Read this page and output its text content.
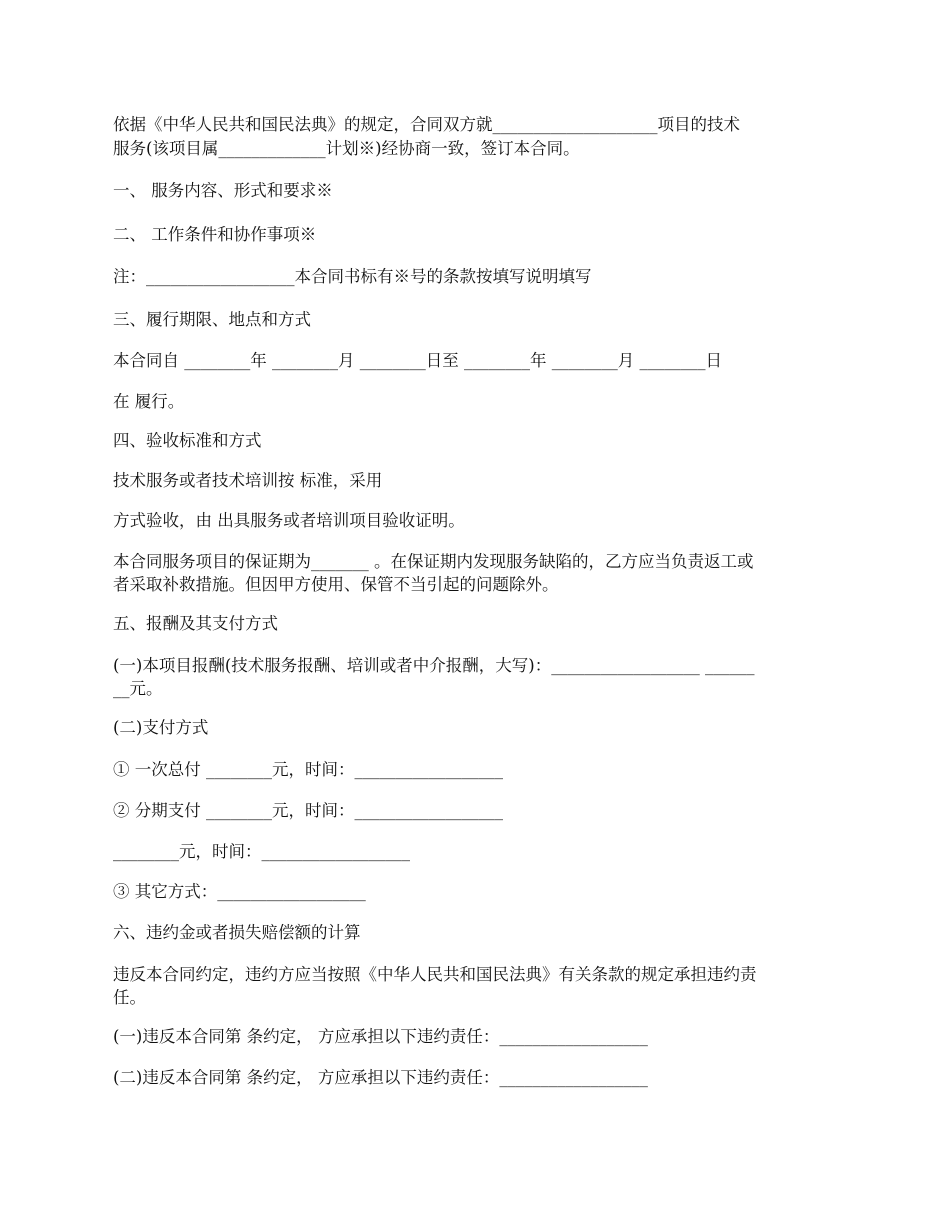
依据《中华人民共和国民法典》的规定，合同双方就____________________项目的技术
服务(该项目属_____________计划※)经协商一致，签订本合同。
一、 服务内容、形式和要求※
二、 工作条件和协作事项※
注：__________________本合同书标有※号的条款按填写说明填写
三、履行期限、地点和方式
本合同自 ________年 ________月 ________日至 ________年 ________月 ________日
在 履行。
四、验收标准和方式
技术服务或者技术培训按 标准，采用
方式验收，由 出具服务或者培训项目验收证明。
本合同服务项目的保证期为_______ 。在保证期内发现服务缺陷的，乙方应当负责返工或
者采取补救措施。但因甲方使用、保管不当引起的问题除外。
五、报酬及其支付方式
(一)本项目报酬(技术服务报酬、培训或者中介报酬，大写)：__________________ ______
__元。
(二)支付方式
① 一次总付 ________元，时间：__________________
② 分期支付 ________元，时间：__________________
________元，时间：__________________
③ 其它方式：__________________
六、违约金或者损失赔偿额的计算
违反本合同约定，违约方应当按照《中华人民共和国民法典》有关条款的规定承担违约责
任。
(一)违反本合同第 条约定， 方应承担以下违约责任：__________________
(二)违反本合同第 条约定， 方应承担以下违约责任：__________________
